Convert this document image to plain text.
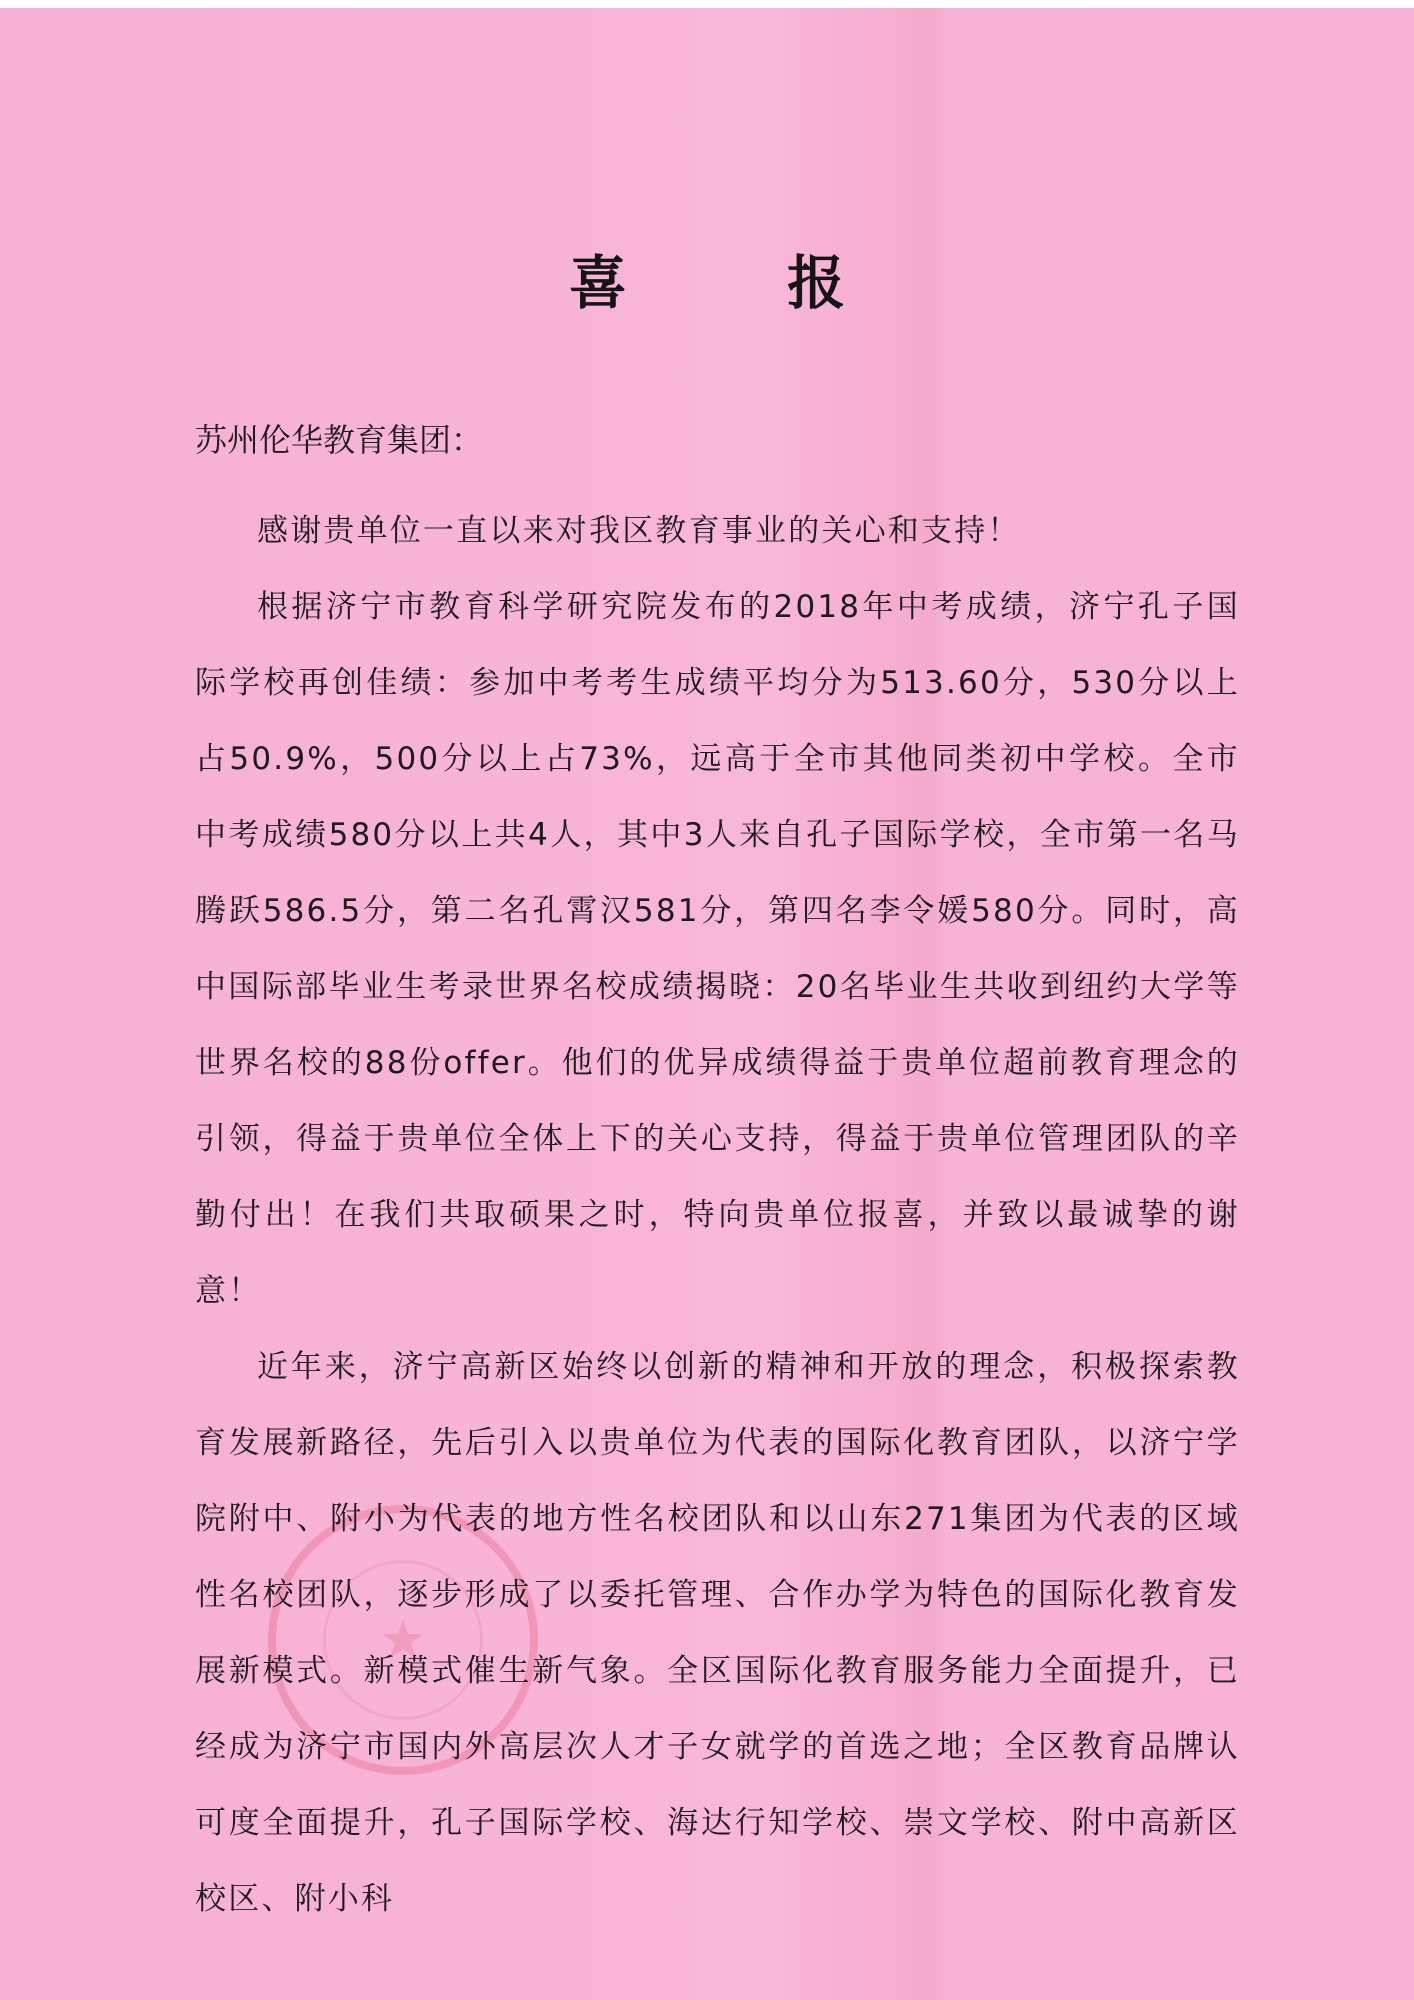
★
喜 报
苏州伦华教育集团：

感谢贵单位一直以来对我区教育事业的关心和支持！

根据济宁市教育科学研究院发布的2018年中考成绩，济宁孔子国际学校再创佳绩：参加中考考生成绩平均分为513.60分，530分以上占50.9%，500分以上占73%，远高于全市其他同类初中学校。全市中考成绩580分以上共4人，其中3人来自孔子国际学校，全市第一名马腾跃586.5分，第二名孔霄汉581分，第四名李令媛580分。同时，高中国际部毕业生考录世界名校成绩揭晓：20名毕业生共收到纽约大学等世界名校的88份offer。他们的优异成绩得益于贵单位超前教育理念的引领，得益于贵单位全体上下的关心支持，得益于贵单位管理团队的辛勤付出！在我们共取硕果之时，特向贵单位报喜，并致以最诚挚的谢意！

近年来，济宁高新区始终以创新的精神和开放的理念，积极探索教育发展新路径，先后引入以贵单位为代表的国际化教育团队，以济宁学院附中、附小为代表的地方性名校团队和以山东271集团为代表的区域性名校团队，逐步形成了以委托管理、合作办学为特色的国际化教育发展新模式。新模式催生新气象。全区国际化教育服务能力全面提升，已经成为济宁市国内外高层次人才子女就学的首选之地；全区教育品牌认可度全面提升，孔子国际学校、海达行知学校、崇文学校、附中高新区校区、附小科
